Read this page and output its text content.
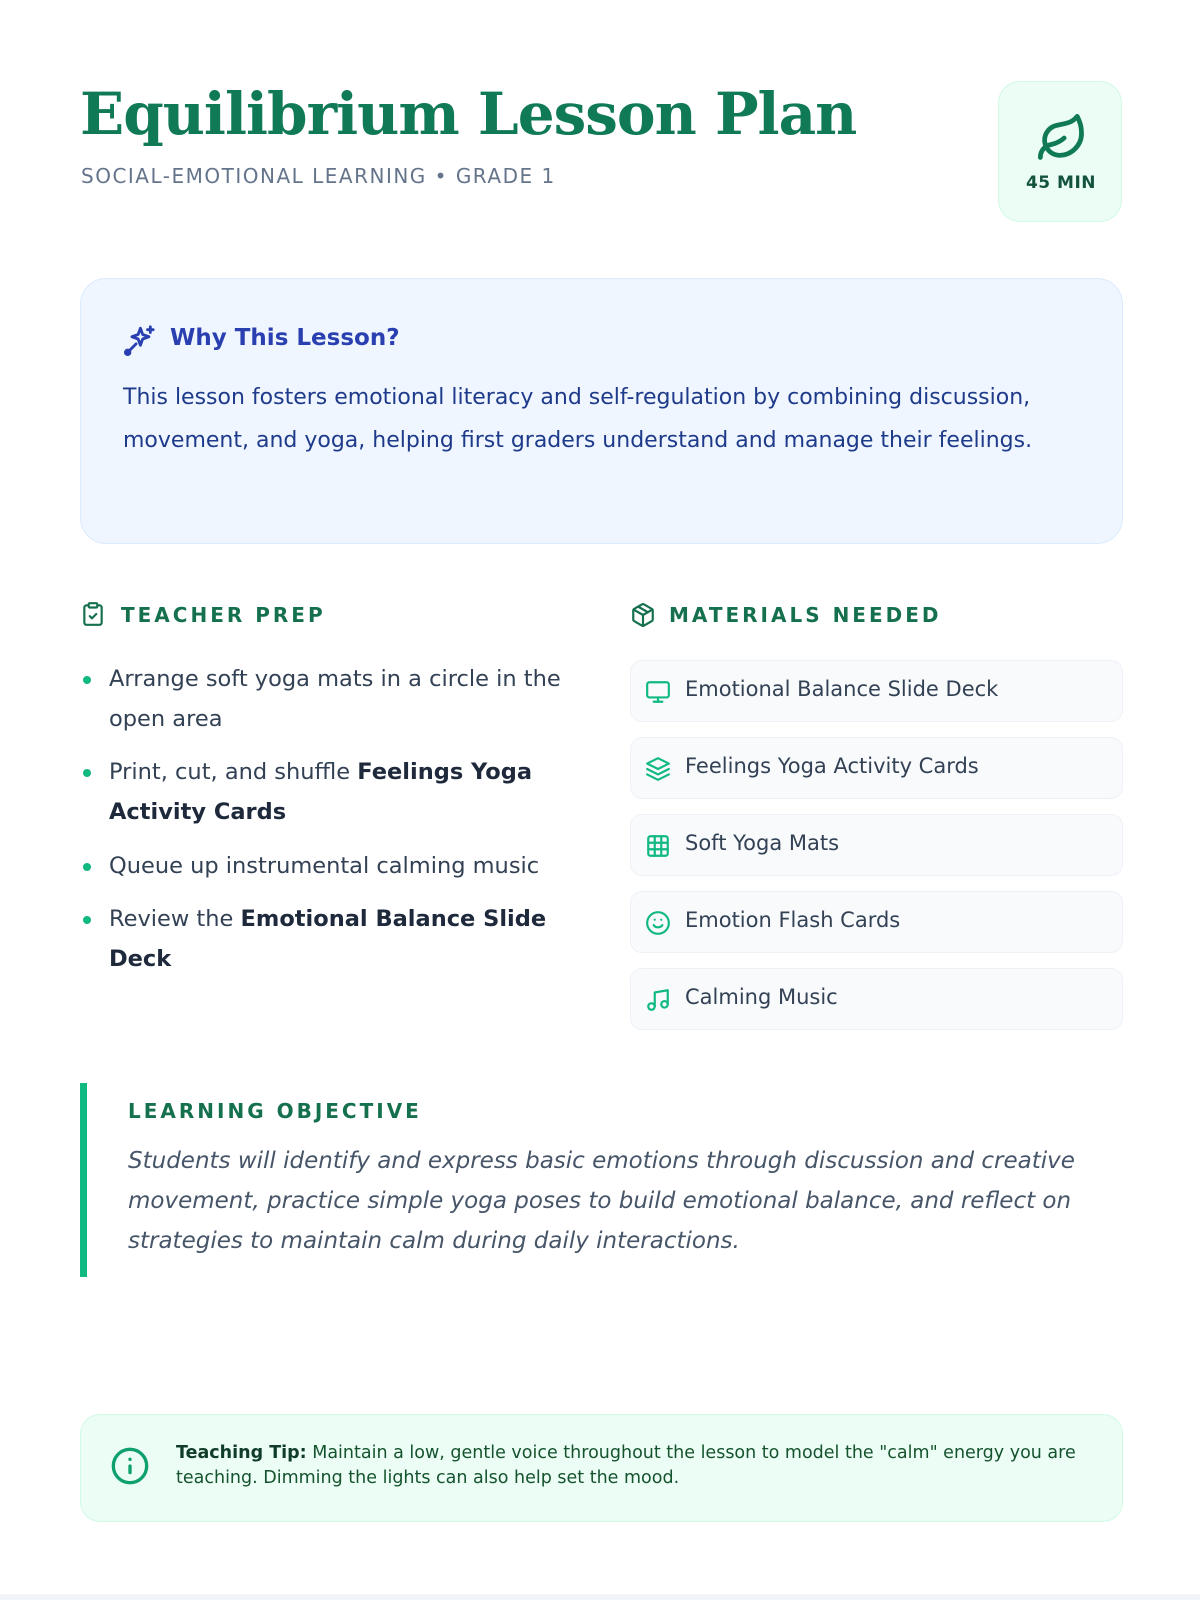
Equilibrium Lesson Plan
SOCIAL-EMOTIONAL LEARNING • GRADE 1	45 MIN
Why This Lesson?

This lesson fosters emotional literacy and self-regulation by combining discussion, movement, and yoga, helping first graders understand and manage their feelings.

TEACHER PREP
Arrange soft yoga mats in a circle in the open area
Print, cut, and shuffle Feelings Yoga Activity Cards
Queue up instrumental calming music
Review the Emotional Balance Slide Deck
MATERIALS NEEDED
Emotional Balance Slide Deck
Feelings Yoga Activity Cards
Soft Yoga Mats
Emotion Flash Cards
Calming Music
LEARNING OBJECTIVE

Students will identify and express basic emotions through discussion and creative movement, practice simple yoga poses to build emotional balance, and reflect on strategies to maintain calm during daily interactions.

Teaching Tip: Maintain a low, gentle voice throughout the lesson to model the "calm" energy you are teaching. Dimming the lights can also help set the mood.
